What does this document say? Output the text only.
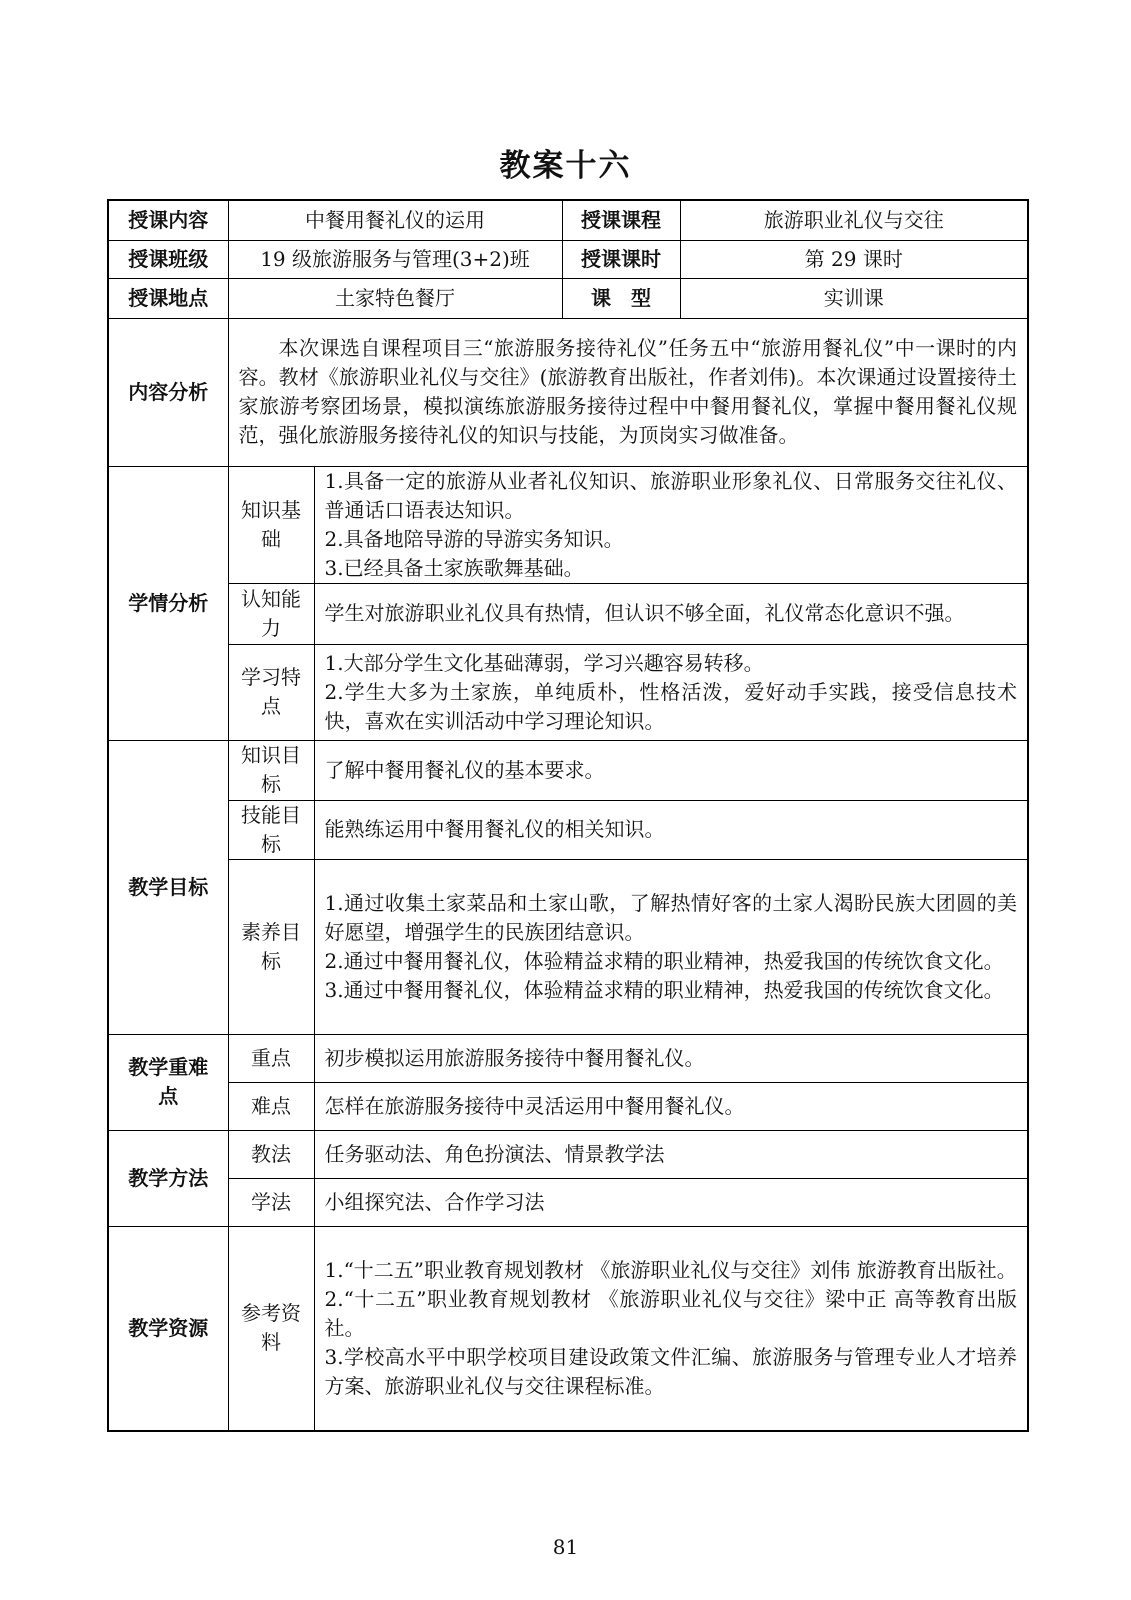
教案十六
授课内容	中餐用餐礼仪的运用		授课课程	旅游职业礼仪与交往
授课班级	19 级旅游服务与管理(3+2)班		授课课时	第 29 课时
授课地点	土家特色餐厅		课　型	实训课
内容分析	本次课选自课程项目三“旅游服务接待礼仪”任务五中“旅游用餐礼仪”中一课时的内容。教材《旅游职业礼仪与交往》(旅游教育出版社，作者刘伟)。本次课通过设置接待土家旅游考察团场景，模拟演练旅游服务接待过程中中餐用餐礼仪，掌握中餐用餐礼仪规范，强化旅游服务接待礼仪的知识与技能，为顶岗实习做准备。			
学情分析	知识基础	1.具备一定的旅游从业者礼仪知识、旅游职业形象礼仪、日常服务交往礼仪、普通话口语表达知识。
2.具备地陪导游的导游实务知识。
3.已经具备土家族歌舞基础。		

	认知能力	学生对旅游职业礼仪具有热情，但认识不够全面，礼仪常态化意识不强。		

	学习特点	1.大部分学生文化基础薄弱，学习兴趣容易转移。
2.学生大多为土家族，单纯质朴，性格活泼，爱好动手实践，接受信息技术快，喜欢在实训活动中学习理论知识。		

教学目标	知识目标	了解中餐用餐礼仪的基本要求。		

	技能目标	能熟练运用中餐用餐礼仪的相关知识。		

	素养目标	1.通过收集土家菜品和土家山歌，了解热情好客的土家人渴盼民族大团圆的美好愿望，增强学生的民族团结意识。
2.通过中餐用餐礼仪，体验精益求精的职业精神，热爱我国的传统饮食文化。
3.通过中餐用餐礼仪，体验精益求精的职业精神，热爱我国的传统饮食文化。		

教学重难点	重点	初步模拟运用旅游服务接待中餐用餐礼仪。		

	难点	怎样在旅游服务接待中灵活运用中餐用餐礼仪。		

教学方法	教法	任务驱动法、角色扮演法、情景教学法		

	学法	小组探究法、合作学习法		

教学资源	参考资料	1.“十二五”职业教育规划教材 《旅游职业礼仪与交往》刘伟 旅游教育出版社。
2.“十二五”职业教育规划教材 《旅游职业礼仪与交往》梁中正 高等教育出版社。
3.学校高水平中职学校项目建设政策文件汇编、旅游服务与管理专业人才培养方案、旅游职业礼仪与交往课程标准。		
81
